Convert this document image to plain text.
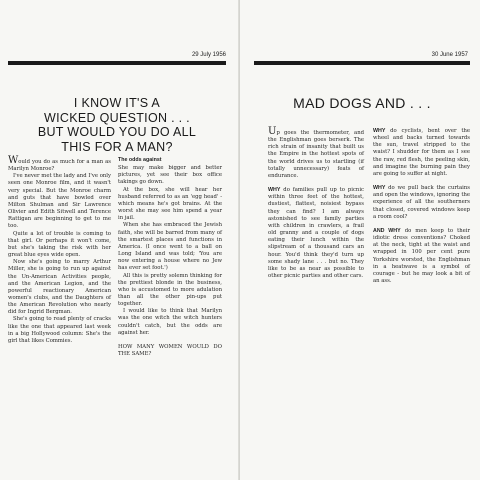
29 July 1956
I KNOW IT'S A
WICKED QUESTION . . .
BUT WOULD YOU DO ALL
THIS FOR A MAN?

Would you do as much for a man as Marilyn Monroe?

I've never met the lady and I've only seen one Monroe film, and it wasn't very special. But the Monroe charm and guts that have bowled over Milton Shulman and Sir Lawrence Olivier and Edith Sitwell and Terence Rattigan are beginning to get to me too.

Quite a lot of trouble is coming to that girl. Or perhaps it won't come, but she's taking the risk with her great blue eyes wide open.

Now she's going to marry Arthur Miller, she is going to run up against the Un-American Activities people, and the American Legion, and the powerful reactionary American women's clubs, and the Daughters of the American Revolution who nearly did for Ingrid Bergman.

She's going to read plenty of cracks like the one that appeared last week in a big Hollywood column: She's the girl that likes Commies.

The odds against

She may make bigger and better pictures, yet see their box office takings go down.

At the box, she will hear her husband referred to as an 'egg head' - which means he's got brains. At the worst she may see him spend a year in jail.

When she has embraced the Jewish faith, she will be barred from many of the smartest places and functions in America. (I once went to a ball on Long Island and was told; 'You are now entering a house where no Jew has ever set foot.')

All this is pretty solemn thinking for the prettiest blonde in the business, who is accustomed to more adulation than all the other pin-ups put together.

I would like to think that Marilyn was the one witch the witch hunters couldn't catch, but the odds are against her.

HOW MANY WOMEN WOULD DO THE SAME?

30 June 1957
MAD DOGS AND . . .

Up goes the thermometer, and the Englishman goes berserk. The rich strain of insanity that built us the Empire in the hottest spots of the world drives us to startling (if totally unnecessary) feats of endurance.

WHY do families pull up to picnic within three feet of the hottest, dustiest, flattest, noisiest bypass they can find? I am always astonished to see family parties with children in crawlers, a frail old granny and a couple of dogs eating their lunch within the slipstream of a thousand cars an hour. You'd think they'd turn up some shady lane . . . but no. They like to be as near as possible to other picnic parties and other cars.

WHY do cyclists, bent over the wheel and backs turned towards the sun, travel stripped to the waist? I shudder for them as I see the raw, red flesh, the peeling skin, and imagine the burning pain they are going to suffer at night.

WHY do we pull back the curtains and open the windows, ignoring the experience of all the southerners that closed, covered windows keep a room cool?

AND WHY do men keep to their idiotic dress conventions? Choked at the neck, tight at the waist and wrapped in 100 per cent pure Yorkshire worsted, the Englishman in a heatwave is a symbol of courage - but he may look a bit of an ass.
